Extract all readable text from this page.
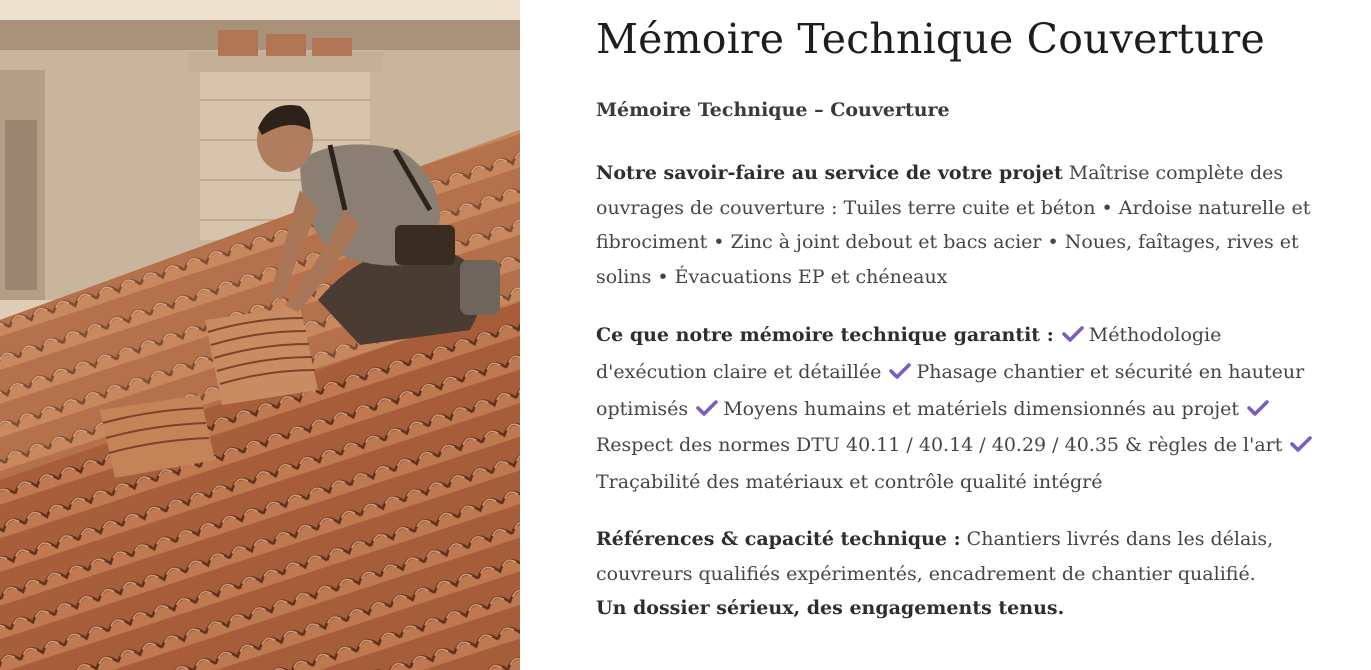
Mémoire Technique Couverture
Mémoire Technique – Couverture
Notre savoir-faire au service de votre projet Maîtrise complète des ouvrages de couverture : Tuiles terre cuite et béton • Ardoise naturelle et fibrociment • Zinc à joint debout et bacs acier • Noues, faîtages, rives et solins • Évacuations EP et chéneaux
Ce que notre mémoire technique garantit : Méthodologie d'exécution claire et détaillée Phasage chantier et sécurité en hauteur optimisés Moyens humains et matériels dimensionnés au projet
Respect des normes DTU 40.11 / 40.14 / 40.29 / 40.35 & règles de l'art
Traçabilité des matériaux et contrôle qualité intégré
Références & capacité technique : Chantiers livrés dans les délais, couvreurs qualifiés expérimentés, encadrement de chantier qualifié.
Un dossier sérieux, des engagements tenus.
